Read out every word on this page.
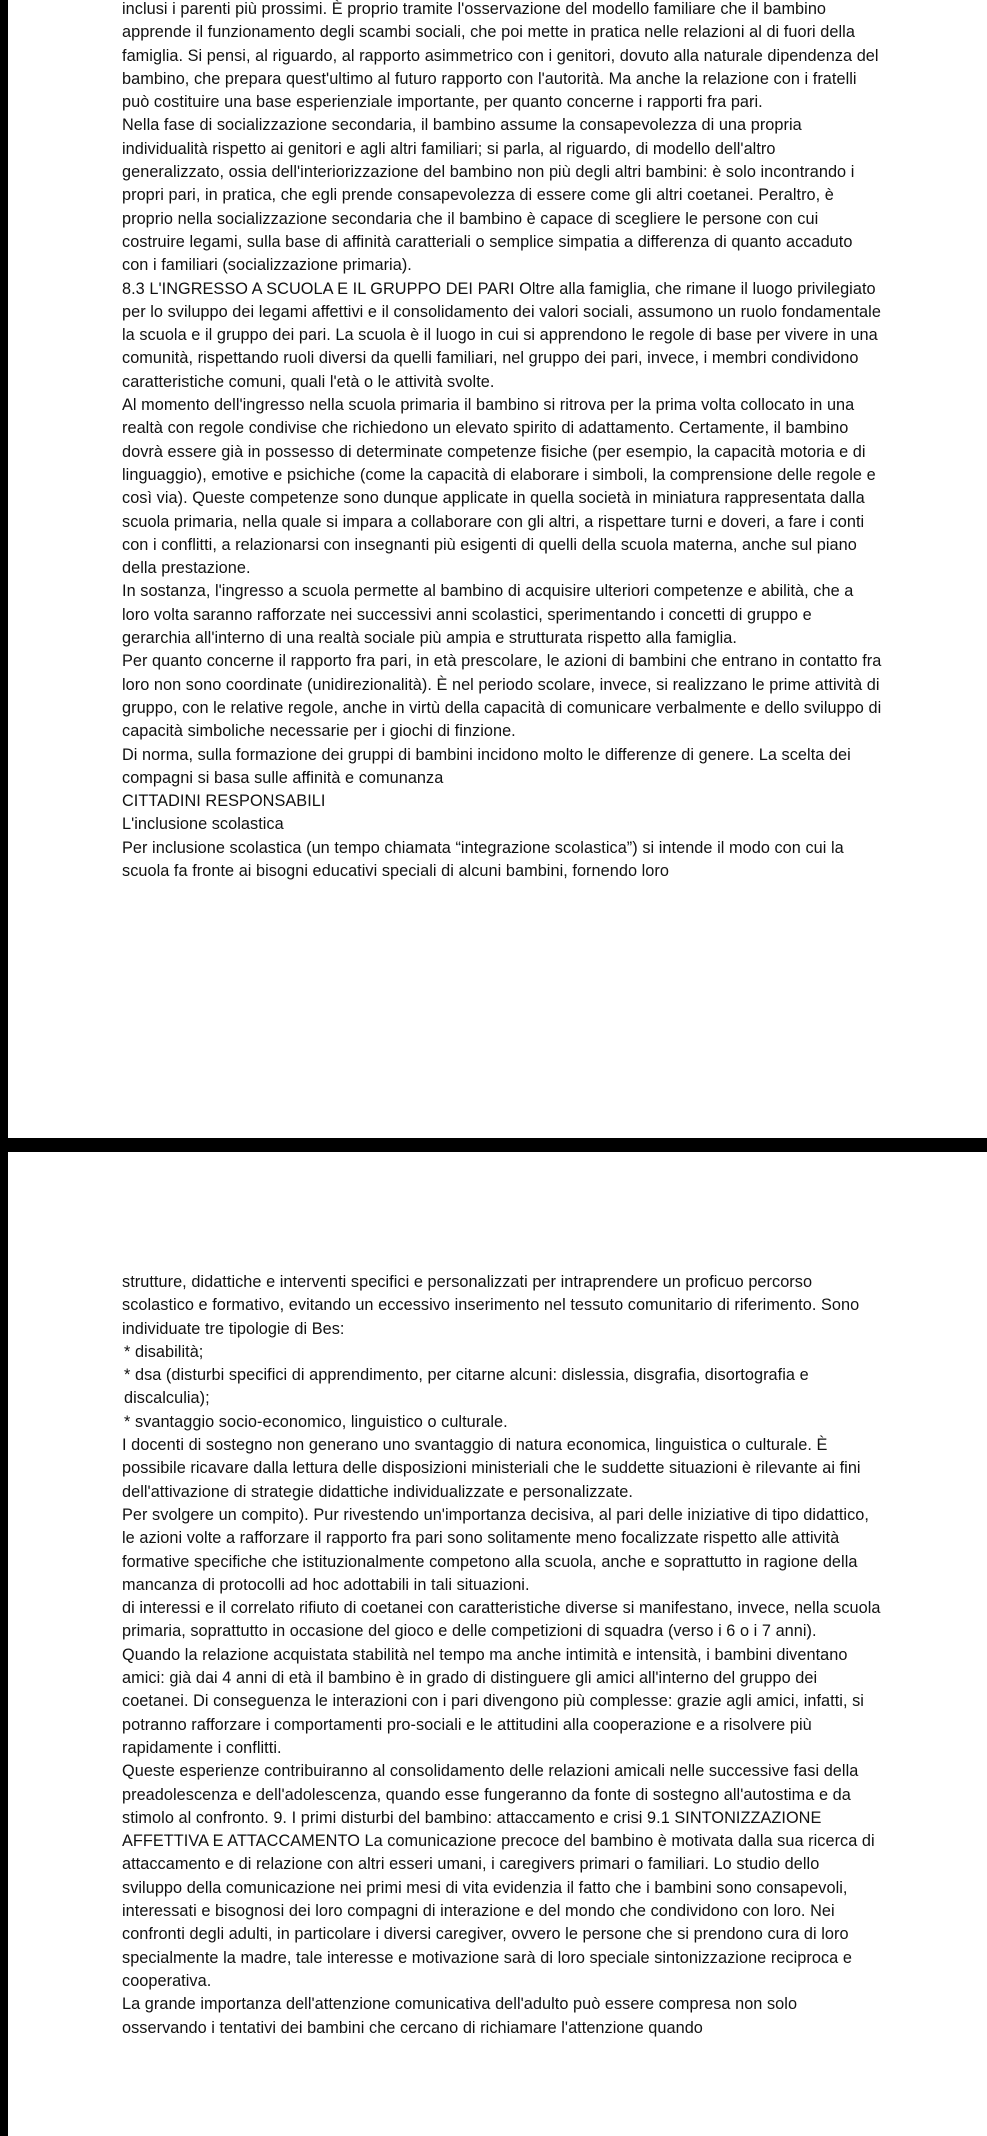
inclusi i parenti più prossimi. È proprio tramite l'osservazione del modello familiare che il bambino apprende il funzionamento degli scambi sociali, che poi mette in pratica nelle relazioni al di fuori della famiglia. Si pensi, al riguardo, al rapporto asimmetrico con i genitori, dovuto alla naturale dipendenza del bambino, che prepara quest'ultimo al futuro rapporto con l'autorità. Ma anche la relazione con i fratelli può costituire una base esperienziale importante, per quanto concerne i rapporti fra pari.

Nella fase di socializzazione secondaria, il bambino assume la consapevolezza di una propria individualità rispetto ai genitori e agli altri familiari; si parla, al riguardo, di modello dell'altro generalizzato, ossia dell'interiorizzazione del bambino non più degli altri bambini: è solo incontrando i propri pari, in pratica, che egli prende consapevolezza di essere come gli altri coetanei. Peraltro, è proprio nella socializzazione secondaria che il bambino è capace di scegliere le persone con cui costruire legami, sulla base di affinità caratteriali o semplice simpatia a differenza di quanto accaduto con i familiari (socializzazione primaria).

8.3 L'INGRESSO A SCUOLA E IL GRUPPO DEI PARI Oltre alla famiglia, che rimane il luogo privilegiato per lo sviluppo dei legami affettivi e il consolidamento dei valori sociali, assumono un ruolo fondamentale la scuola e il gruppo dei pari. La scuola è il luogo in cui si apprendono le regole di base per vivere in una comunità, rispettando ruoli diversi da quelli familiari, nel gruppo dei pari, invece, i membri condividono caratteristiche comuni, quali l'età o le attività svolte.

Al momento dell'ingresso nella scuola primaria il bambino si ritrova per la prima volta collocato in una realtà con regole condivise che richiedono un elevato spirito di adattamento. Certamente, il bambino dovrà essere già in possesso di determinate competenze fisiche (per esempio, la capacità motoria e di linguaggio), emotive e psichiche (come la capacità di elaborare i simboli, la comprensione delle regole e così via). Queste competenze sono dunque applicate in quella società in miniatura rappresentata dalla scuola primaria, nella quale si impara a collaborare con gli altri, a rispettare turni e doveri, a fare i conti con i conflitti, a relazionarsi con insegnanti più esigenti di quelli della scuola materna, anche sul piano della prestazione.

In sostanza, l'ingresso a scuola permette al bambino di acquisire ulteriori competenze e abilità, che a loro volta saranno rafforzate nei successivi anni scolastici, sperimentando i concetti di gruppo e gerarchia all'interno di una realtà sociale più ampia e strutturata rispetto alla famiglia.

Per quanto concerne il rapporto fra pari, in età prescolare, le azioni di bambini che entrano in contatto fra loro non sono coordinate (unidirezionalità). È nel periodo scolare, invece, si realizzano le prime attività di gruppo, con le relative regole, anche in virtù della capacità di comunicare verbalmente e dello sviluppo di capacità simboliche necessarie per i giochi di finzione.

Di norma, sulla formazione dei gruppi di bambini incidono molto le differenze di genere. La scelta dei compagni si basa sulle affinità e comunanza

CITTADINI RESPONSABILI

L'inclusione scolastica

Per inclusione scolastica (un tempo chiamata “integrazione scolastica”) si intende il modo con cui la scuola fa fronte ai bisogni educativi speciali di alcuni bambini, fornendo loro

strutture, didattiche e interventi specifici e personalizzati per intraprendere un proficuo percorso scolastico e formativo, evitando un eccessivo inserimento nel tessuto comunitario di riferimento. Sono individuate tre tipologie di Bes:

* disabilità;

* dsa (disturbi specifici di apprendimento, per citarne alcuni: dislessia, disgrafia, disortografia e discalculia);

* svantaggio socio-economico, linguistico o culturale.

I docenti di sostegno non generano uno svantaggio di natura economica, linguistica o culturale. È possibile ricavare dalla lettura delle disposizioni ministeriali che le suddette situazioni è rilevante ai fini dell'attivazione di strategie didattiche individualizzate e personalizzate.

Per svolgere un compito). Pur rivestendo un'importanza decisiva, al pari delle iniziative di tipo didattico, le azioni volte a rafforzare il rapporto fra pari sono solitamente meno focalizzate rispetto alle attività formative specifiche che istituzionalmente competono alla scuola, anche e soprattutto in ragione della mancanza di protocolli ad hoc adottabili in tali situazioni.

di interessi e il correlato rifiuto di coetanei con caratteristiche diverse si manifestano, invece, nella scuola primaria, soprattutto in occasione del gioco e delle competizioni di squadra (verso i 6 o i 7 anni).

Quando la relazione acquistata stabilità nel tempo ma anche intimità e intensità, i bambini diventano amici: già dai 4 anni di età il bambino è in grado di distinguere gli amici all'interno del gruppo dei coetanei. Di conseguenza le interazioni con i pari divengono più complesse: grazie agli amici, infatti, si potranno rafforzare i comportamenti pro-sociali e le attitudini alla cooperazione e a risolvere più rapidamente i conflitti.

Queste esperienze contribuiranno al consolidamento delle relazioni amicali nelle successive fasi della preadolescenza e dell'adolescenza, quando esse fungeranno da fonte di sostegno all'autostima e da stimolo al confronto. 9. I primi disturbi del bambino: attaccamento e crisi 9.1 SINTONIZZAZIONE AFFETTIVA E ATTACCAMENTO La comunicazione precoce del bambino è motivata dalla sua ricerca di attaccamento e di relazione con altri esseri umani, i caregivers primari o familiari. Lo studio dello sviluppo della comunicazione nei primi mesi di vita evidenzia il fatto che i bambini sono consapevoli, interessati e bisognosi dei loro compagni di interazione e del mondo che condividono con loro. Nei confronti degli adulti, in particolare i diversi caregiver, ovvero le persone che si prendono cura di loro specialmente la madre, tale interesse e motivazione sarà di loro speciale sintonizzazione reciproca e cooperativa.

La grande importanza dell'attenzione comunicativa dell'adulto può essere compresa non solo osservando i tentativi dei bambini che cercano di richiamare l'attenzione quando
